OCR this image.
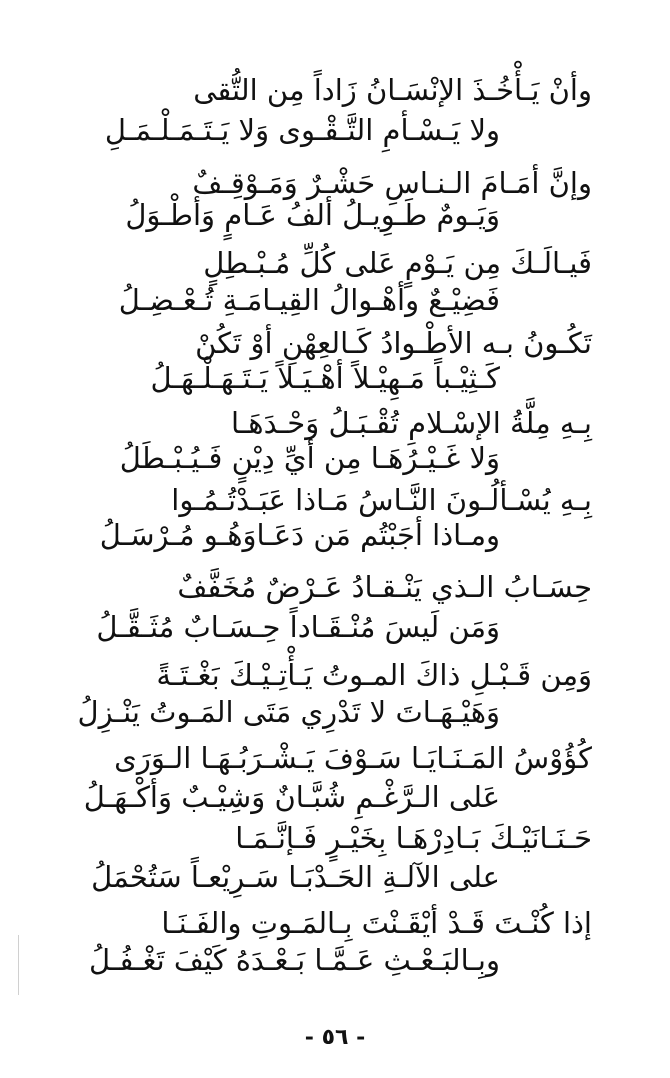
وأنْ يَـأْخُـذَ الإنْسَـانُ زَاداً مِن التُّقى
ولا يَـسْـأمِ التَّـقْـوى وَلا يَـتَـمَـلْـمَـلِ
وإنَّ أمَـامَ الـنـاسِ حَشْـرٌ وَمَـوْقِـفٌ
وَيَـومٌ طَـوِيـلُ ألفُ عَـامٍ وَأطْـوَلُ
فَيـالَـكَ مِن يَـوْمٍ عَلى كُلِّ مُـبْـطِلٍ
فَضِيْـعٌ وأهْـوالُ القِيـامَـةِ تُـعْـضِـلُ
تَكُـونُ بـه الأطْـوادُ كَـالعِهْنِ أوْ تَكُنْ
كَـثِيْـباً مَـهِيْـلاً أهْـيَـلاً يَـتَـهَـلْـهَـلُ
بِـهِ مِلَّةُ الإسْـلامِ تُقْـبَـلُ وَحْـدَهَـا
وَلا غَـيْـرُهَـا مِن أيِّ دِيْنٍ فَـيُـبْـطَلُ
بِـهِ يُسْـألُـونَ النَّـاسُ مَـاذا عَبَـدْتُـمُـوا
ومـاذا أجَبْتُم مَن دَعَـاوَهُـو مُـرْسَـلُ
حِسَـابُ الـذي يَنْـقـادُ عَـرْضٌ مُخَفَّفٌ
وَمَن لَيسَ مُنْـقَـاداً حِـسَـابٌ مُثَـقَّـلُ
وَمِن قَـبْـلِ ذاكَ المـوتُ يَـأْتِـيْـكَ بَغْـتَـةً
وَهَيْـهَـاتَ لا تَدْرِي مَتَى المَـوتُ يَنْـزِلُ
كُؤُوْسُ المَـنَـايَـا سَـوْفَ يَـشْـرَبُـهَـا الـوَرَى
عَلى الـرَّغْـمِ شُبَّـانٌ وَشِيْـبٌ وَأكْـهَـلُ
حَـنَـانَيْـكَ بَـادِرْهَـا بِخَيْـرٍ فَـإنَّـمَـا
على الآلـةِ الحَـدْبَـا سَـرِيْعـاً سَتُحْمَلُ
إذا كُنْـتَ قَـدْ أيْقَـنْتَ بِـالمَـوتِ والفَـنَـا
وبِـالبَـعْـثِ عَـمَّـا بَـعْـدَهُ كَيْفَ تَغْـفُـلُ
- ٥٦ -
